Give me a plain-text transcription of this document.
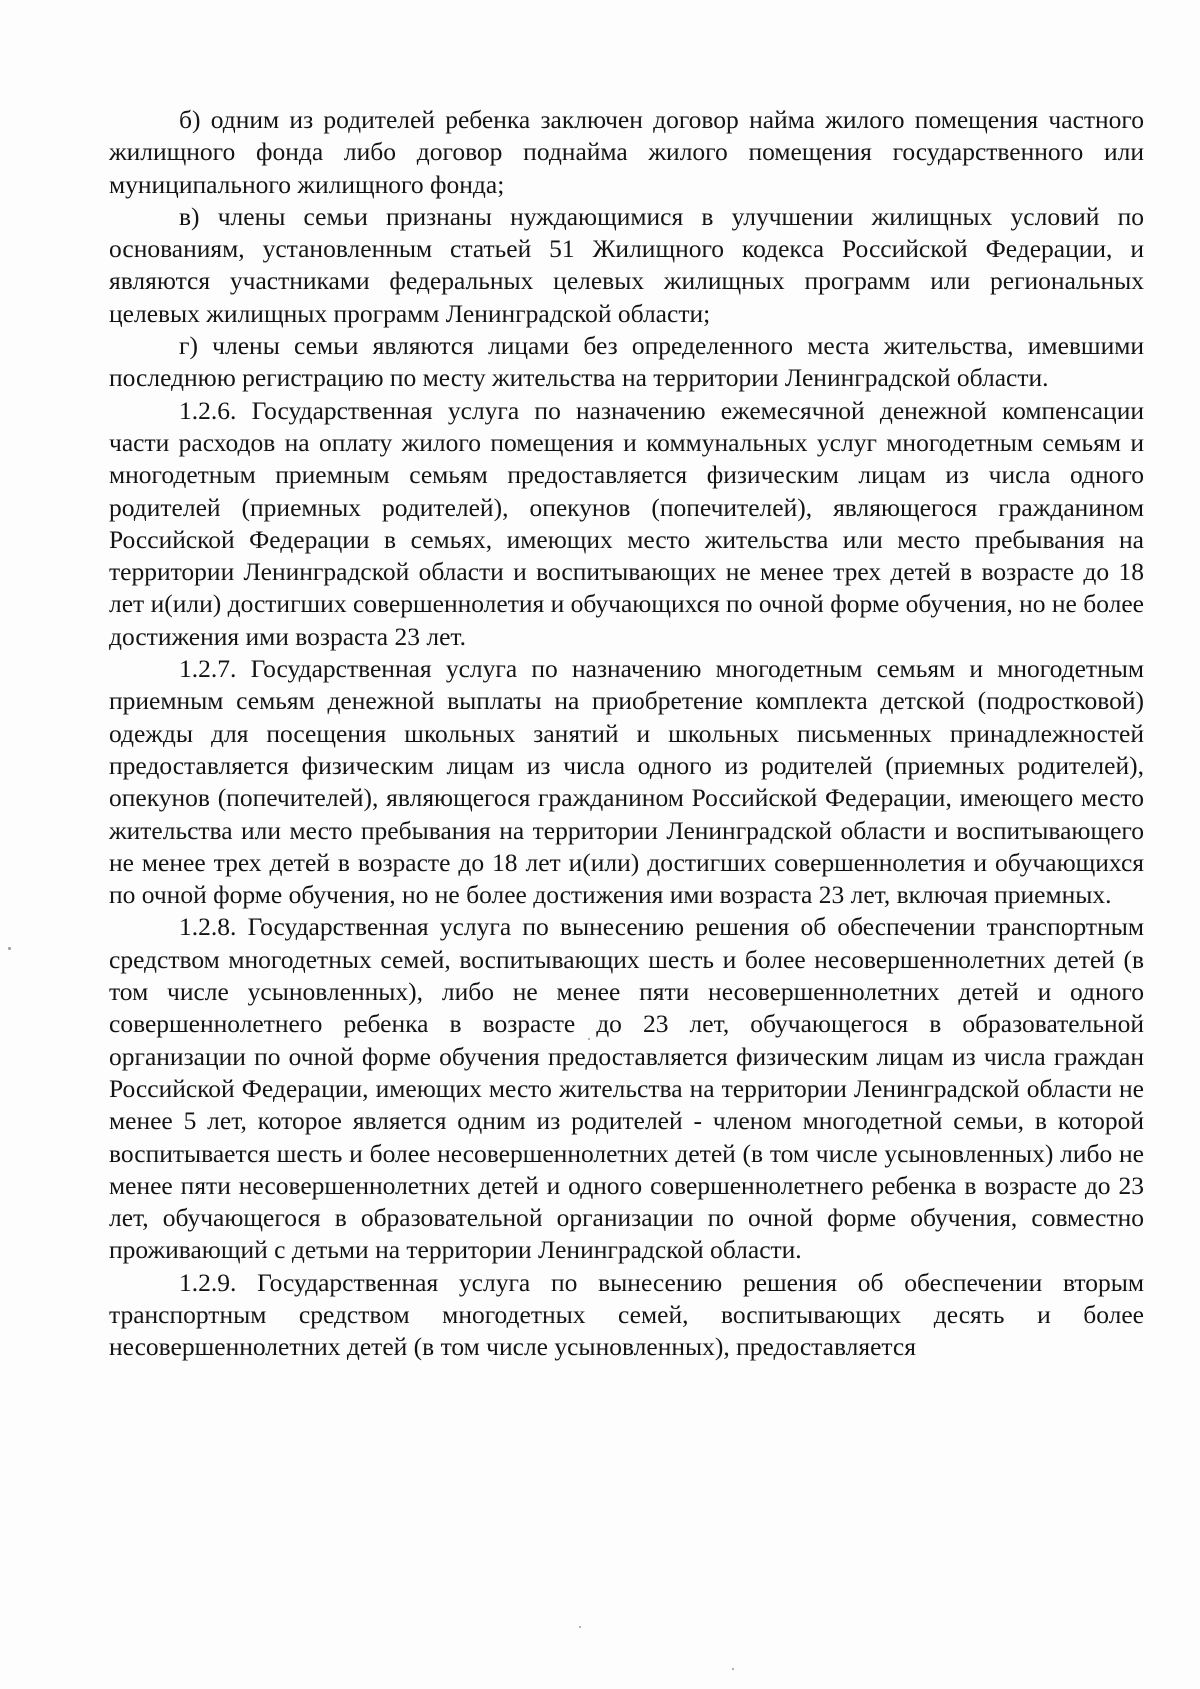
б) одним из родителей ребенка заключен договор найма жилого помещения частного жилищного фонда либо договор поднайма жилого помещения государственного или муниципального жилищного фонда;

в) члены семьи признаны нуждающимися в улучшении жилищных условий по основаниям, установленным статьей 51 Жилищного кодекса Российской Федерации, и являются участниками федеральных целевых жилищных программ или региональных целевых жилищных программ Ленинградской области;

г) члены семьи являются лицами без определенного места жительства, имевшими последнюю регистрацию по месту жительства на территории Ленинградской области.

1.2.6. Государственная услуга по назначению ежемесячной денежной компенсации части расходов на оплату жилого помещения и коммунальных услуг многодетным семьям и многодетным приемным семьям предоставляется физическим лицам из числа одного родителей (приемных родителей), опекунов (попечителей), являющегося гражданином Российской Федерации в семьях, имеющих место жительства или место пребывания на территории Ленинградской области и воспитывающих не менее трех детей в возрасте до 18 лет и(или) достигших совершеннолетия и обучающихся по очной форме обучения, но не более достижения ими возраста 23 лет.

1.2.7. Государственная услуга по назначению многодетным семьям и многодетным приемным семьям денежной выплаты на приобретение комплекта детской (подростковой) одежды для посещения школьных занятий и школьных письменных принадлежностей предоставляется физическим лицам из числа одного из родителей (приемных родителей), опекунов (попечителей), являющегося гражданином Российской Федерации, имеющего место жительства или место пребывания на территории Ленинградской области и воспитывающего не менее трех детей в возрасте до 18 лет и(или) достигших совершеннолетия и обучающихся по очной форме обучения, но не более достижения ими возраста 23 лет, включая приемных.

1.2.8. Государственная услуга по вынесению решения об обеспечении транспортным средством многодетных семей, воспитывающих шесть и более несовершеннолетних детей (в том числе усыновленных), либо не менее пяти несовершеннолетних детей и одного совершеннолетнего ребенка в возрасте до 23 лет, обучающегося в образовательной организации по очной форме обучения предоставляется физическим лицам из числа граждан Российской Федерации, имеющих место жительства на территории Ленинградской области не менее 5 лет, которое является одним из родителей - членом многодетной семьи, в которой воспитывается шесть и более несовершеннолетних детей (в том числе усыновленных) либо не менее пяти несовершеннолетних детей и одного совершеннолетнего ребенка в возрасте до 23 лет, обучающегося в образовательной организации по очной форме обучения, совместно проживающий с детьми на территории Ленинградской области.

1.2.9. Государственная услуга по вынесению решения об обеспечении вторым транспортным средством многодетных семей, воспитывающих десять и более несовершеннолетних детей (в том числе усыновленных), предоставляется
